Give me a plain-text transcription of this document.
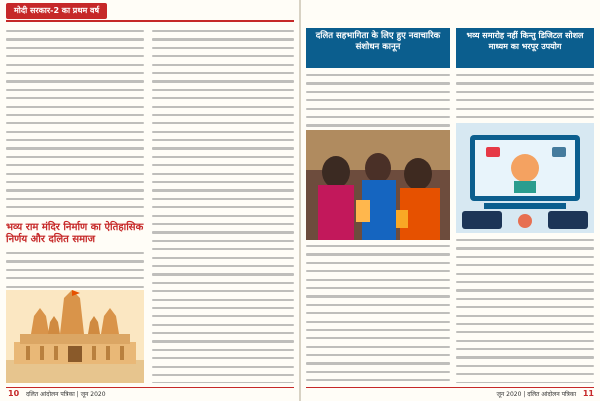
मोदी सरकार-2 का प्रथम वर्ष
भव्य राम मंदिर निर्माण का ऐतिहासिक निर्णय और दलित समाज
10 दलित आंदोलन पत्रिका | जून 2020
दलित सहभागिता के लिए हुए नवाचारिक संशोधन कानून
भव्य समारोह नहीं किन्तु डिजिटल सोशल माध्यम का भरपूर उपयोग
जून 2020 | दलित आंदोलन पत्रिका 11
